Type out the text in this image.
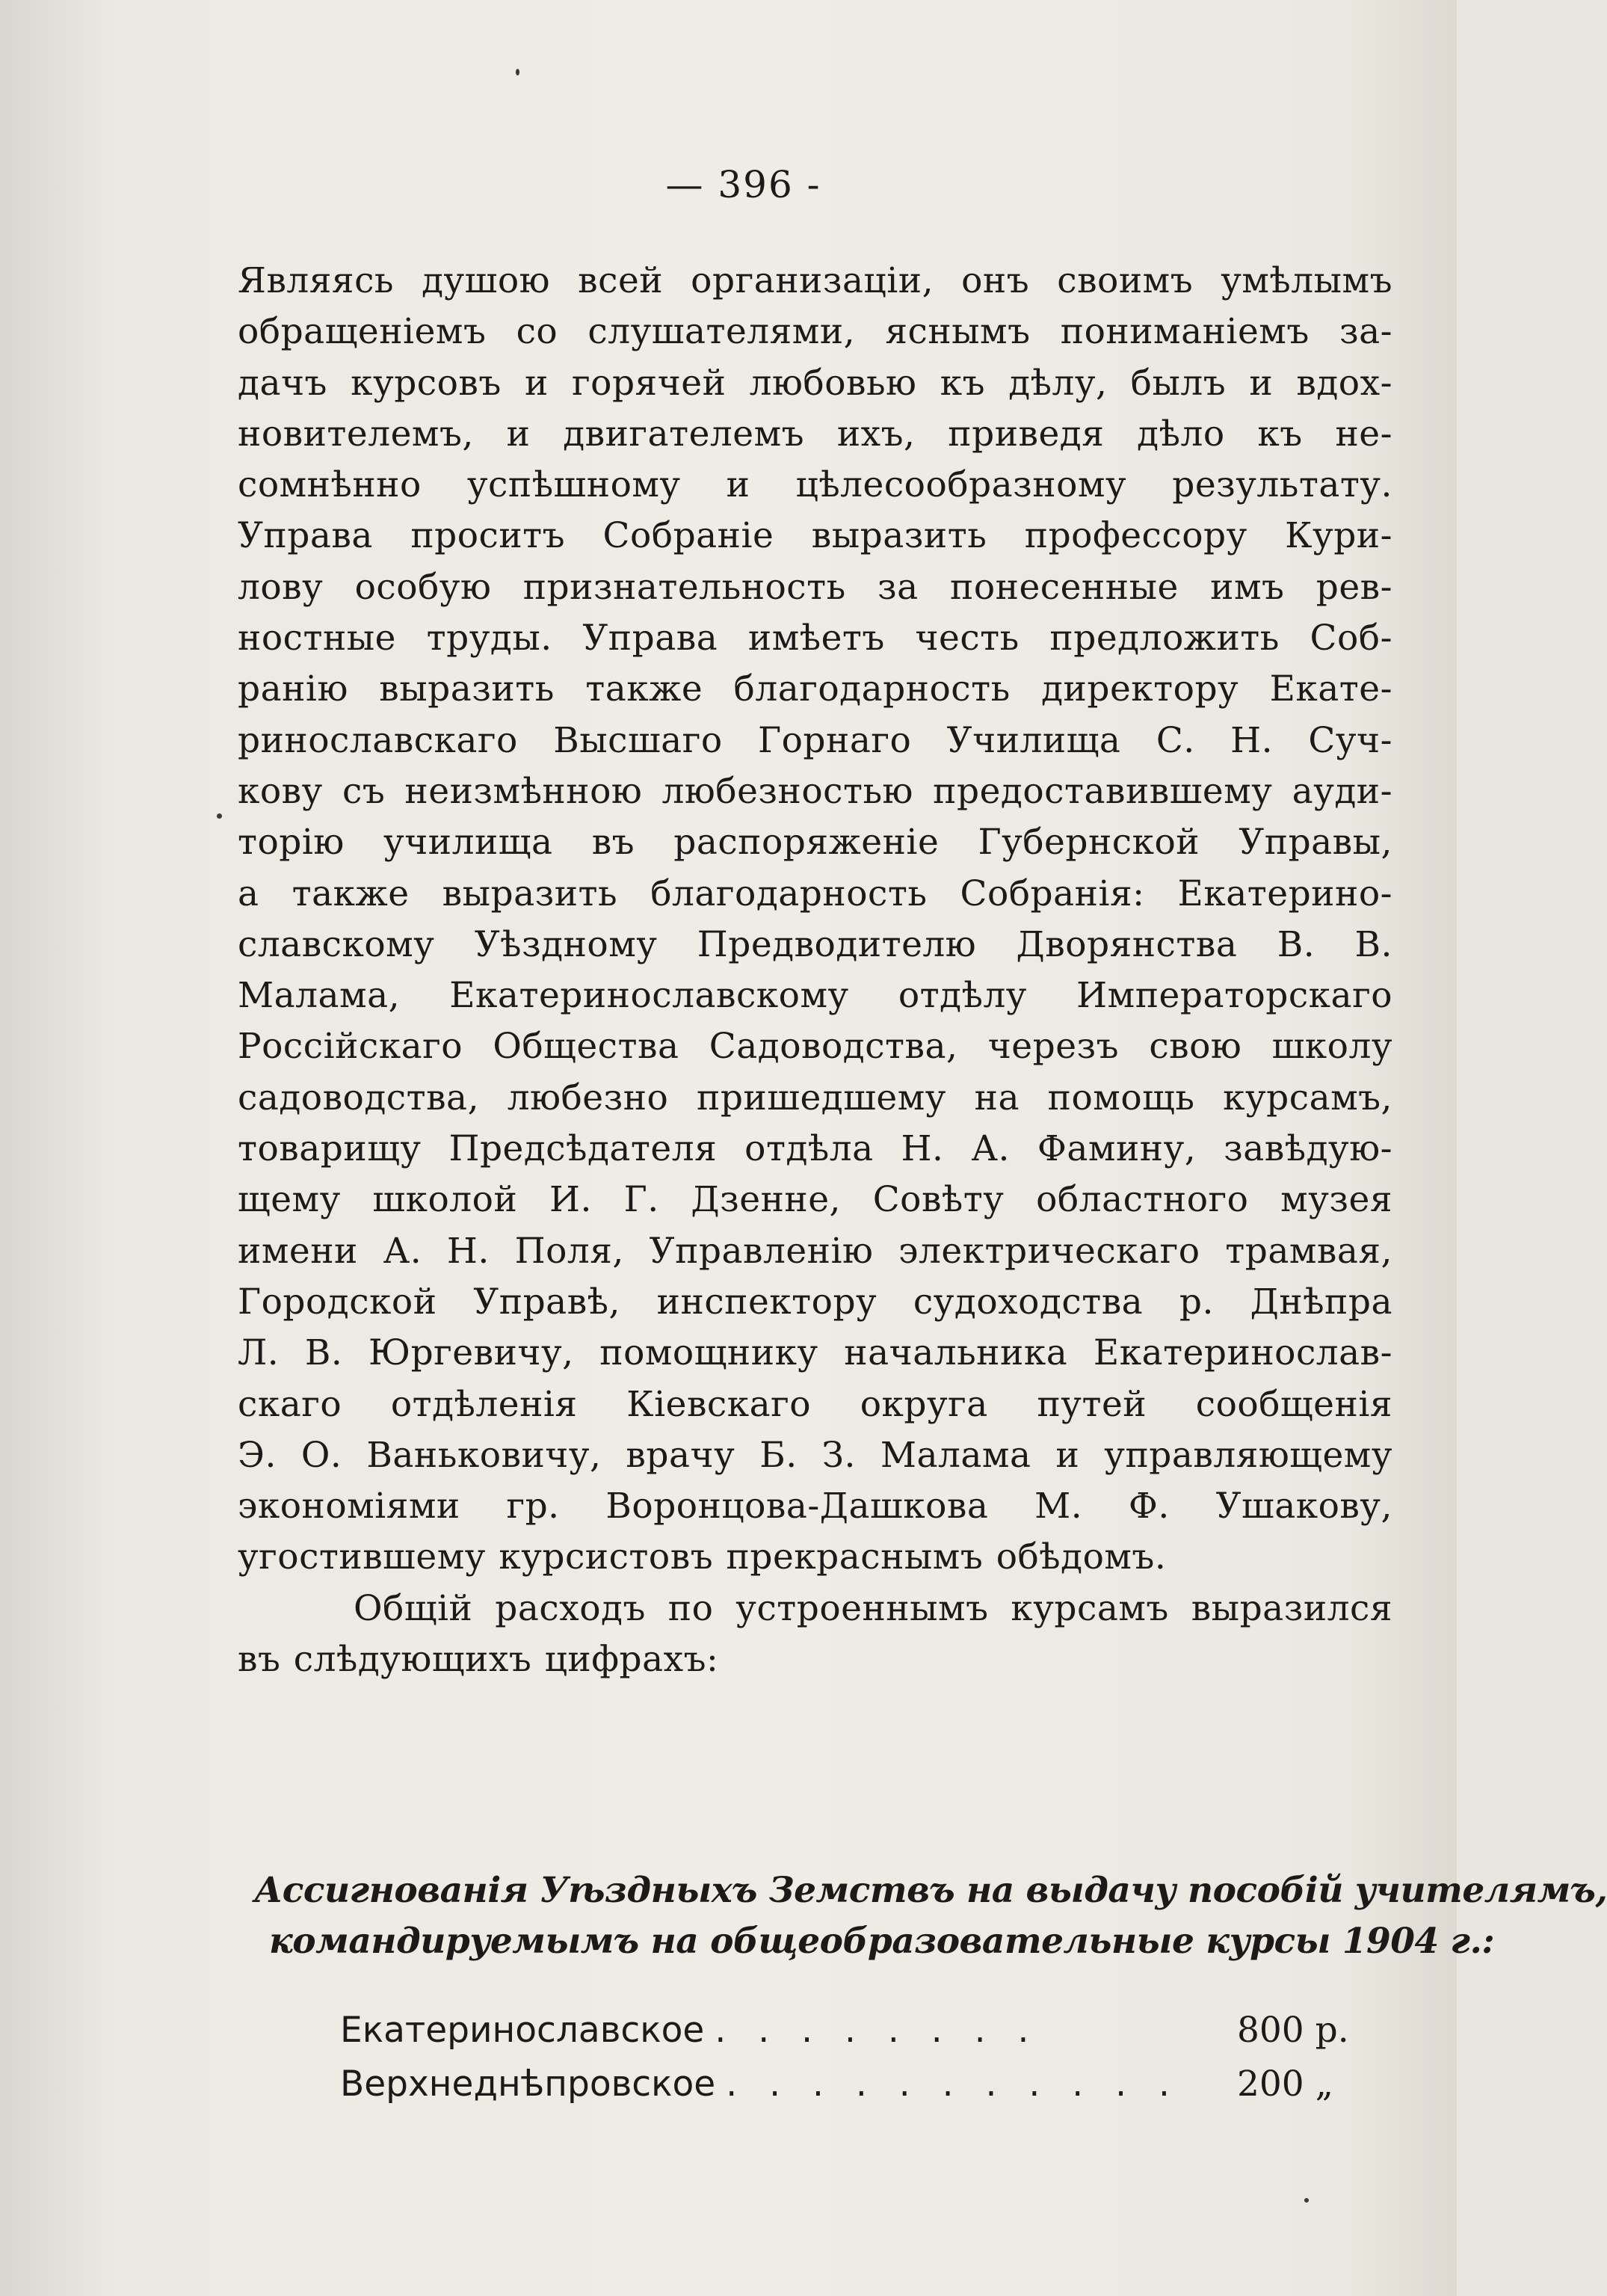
— 396 -
Являясь душою всей организаціи, онъ своимъ умѣлымъ
обращеніемъ со слушателями, яснымъ пониманіемъ за-
дачъ курсовъ и горячей любовью къ дѣлу, былъ и вдох-
новителемъ, и двигателемъ ихъ, приведя дѣло къ не-
сомнѣнно успѣшному и цѣлесообразному результату.
Управа проситъ Собраніе выразить профессору Кури-
лову особую признательность за понесенные имъ рев-
ностные труды. Управа имѣетъ честь предложить Соб-
ранію выразить также благодарность директору Екате-
ринославскаго Высшаго Горнаго Училища С. Н. Суч-
кову съ неизмѣнною любезностью предоставившему ауди-
торію училища въ распоряженіе Губернской Управы,
а также выразить благодарность Собранія: Екатерино-
славскому Уѣздному Предводителю Дворянства В. В.
Малама, Екатеринославскому отдѣлу Императорскаго
Россійскаго Общества Садоводства, черезъ свою школу
садоводства, любезно пришедшему на помощь курсамъ,
товарищу Предсѣдателя отдѣла Н. А. Фамину, завѣдую-
щему школой И. Г. Дзенне, Совѣту областного музея
имени А. Н. Поля, Управленію электрическаго трамвая,
Городской Управѣ, инспектору судоходства р. Днѣпра
Л. В. Юргевичу, помощнику начальника Екатеринослав-
скаго отдѣленія Кіевскаго округа путей сообщенія
Э. О. Ваньковичу, врачу Б. З. Малама и управляющему
экономіями гр. Воронцова-Дашкова М. Ф. Ушакову,
угостившему курсистовъ прекраснымъ обѣдомъ.
Общій расходъ по устроеннымъ курсамъ выразился
въ слѣдующихъ цифрахъ:
Ассигнованія Уѣздныхъ Земствъ на выдачу пособій учителямъ,
командируемымъ на общеобразовательные курсы 1904 г.:
Екатеринославское . . . . . . . .	800 р.
Верхнеднѣпровское . . . . . . . . . . .	200 „
